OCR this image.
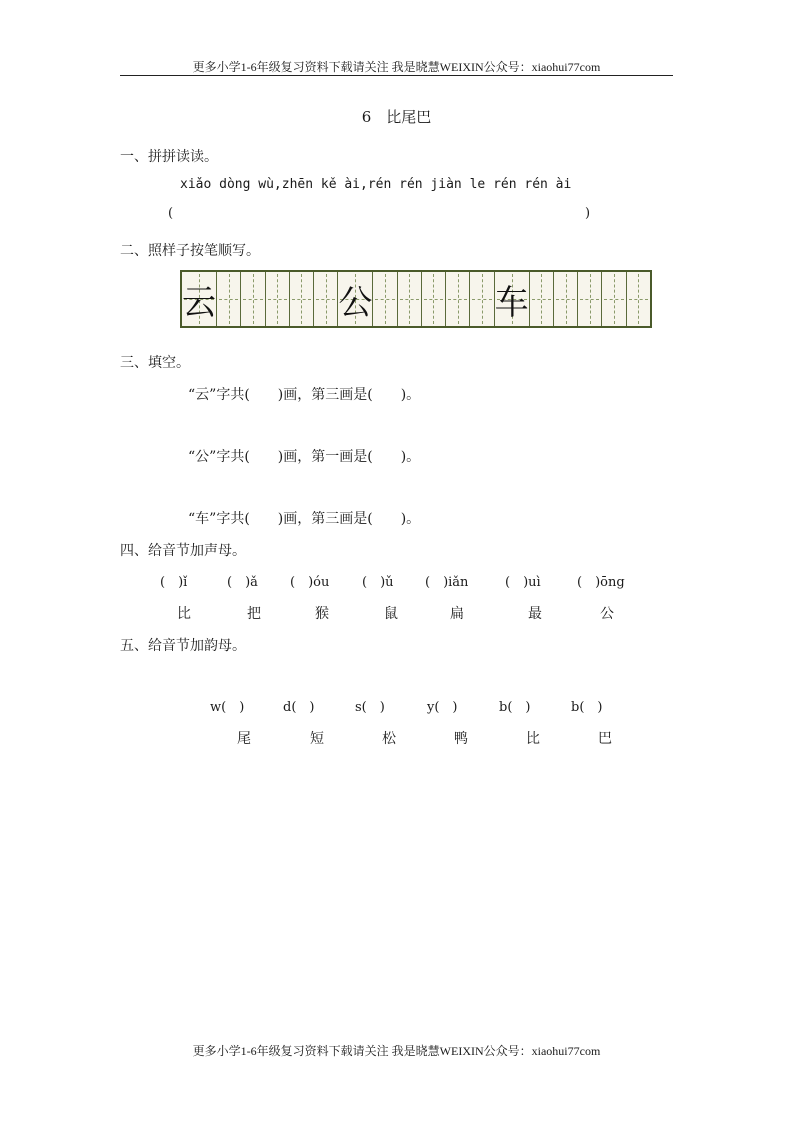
更多小学1-6年级复习资料下载请关注 我是晓慧WEIXIN公众号：xiaohui77com
6　比尾巴
一、拼拼读读。
xiǎo dòng wù,zhēn kě ài,rén rén jiàn le rén rén ài
(	)
二、照样子按笔顺写。
云	公	车
三、填空。
“云”字共(　　)画，第三画是(　　)。
“公”字共(　　)画，第一画是(　　)。
“车”字共(　　)画，第三画是(　　)。
四、给音节加声母。
(　)ǐ	(　)ǎ (　)óu	(　)ǔ (　)iǎn	(　)uì	(　)ōng
比	把	猴	鼠	扁	最	公
五、给音节加韵母。
w(　)	d(　)	s(　)	y(　)	b(　)	b(　)
尾	短	松	鸭	比	巴
更多小学1-6年级复习资料下载请关注 我是晓慧WEIXIN公众号：xiaohui77com
